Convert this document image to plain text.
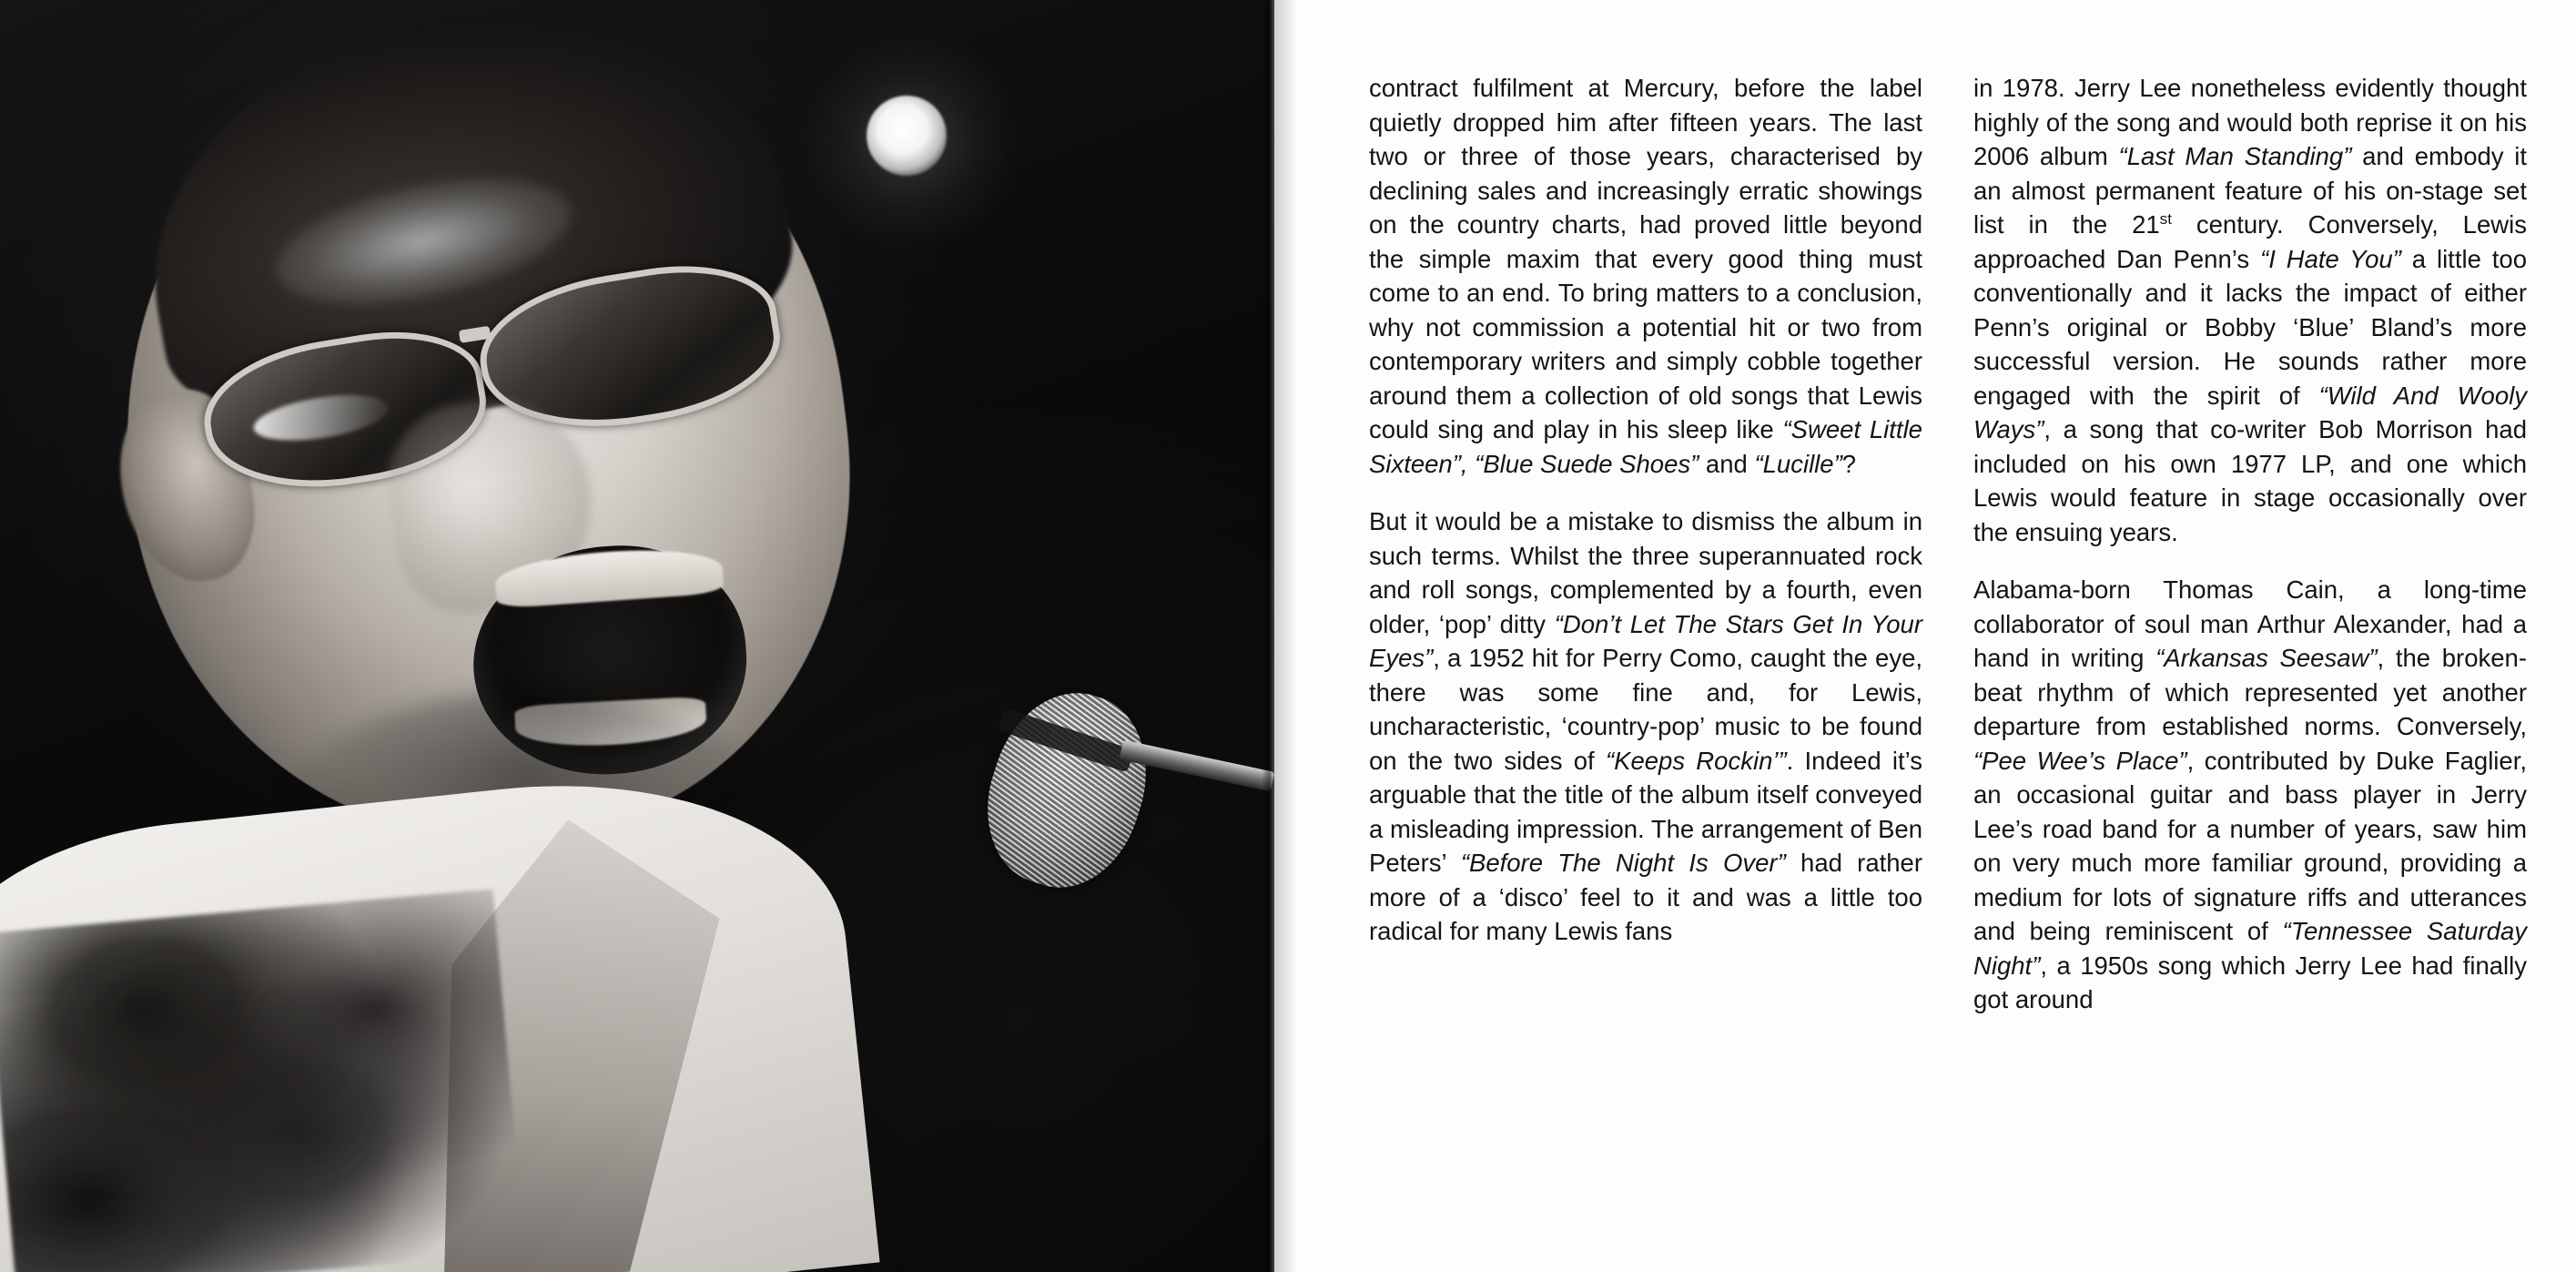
contract fulfilment at Mercury, before the label quietly dropped him after fifteen years. The last two or three of those years, characterised by declining sales and increasingly erratic showings on the country charts, had proved little beyond the simple maxim that every good thing must come to an end. To bring matters to a conclusion, why not commission a potential hit or two from contemporary writers and simply cobble together around them a collection of old songs that Lewis could sing and play in his sleep like “Sweet Little Sixteen”, “Blue Suede Shoes” and “Lucille”?

But it would be a mistake to dismiss the album in such terms. Whilst the three superannuated rock and roll songs, complemented by a fourth, even older, ‘pop’ ditty “Don’t Let The Stars Get In Your Eyes”, a 1952 hit for Perry Como, caught the eye, there was some fine and, for Lewis, uncharacteristic, ‘country-pop’ music to be found on the two sides of “Keeps Rockin’”. Indeed it’s arguable that the title of the album itself conveyed a misleading impression. The arrangement of Ben Peters’ “Before The Night Is Over” had rather more of a ‘disco’ feel to it and was a little too radical for many Lewis fans

in 1978. Jerry Lee nonetheless evidently thought highly of the song and would both reprise it on his 2006 album “Last Man Standing” and embody it an almost permanent feature of his on-stage set list in the 21st century. Conversely, Lewis approached Dan Penn’s “I Hate You” a little too conventionally and it lacks the impact of either Penn’s original or Bobby ‘Blue’ Bland’s more successful version. He sounds rather more engaged with the spirit of “Wild And Wooly Ways”, a song that co-writer Bob Morrison had included on his own 1977 LP, and one which Lewis would feature in stage occasionally over the ensuing years.

Alabama-born Thomas Cain, a long-time collaborator of soul man Arthur Alexander, had a hand in writing “Arkansas Seesaw”, the broken-beat rhythm of which represented yet another departure from established norms. Conversely, “Pee Wee’s Place”, contributed by Duke Faglier, an occasional guitar and bass player in Jerry Lee’s road band for a number of years, saw him on very much more familiar ground, providing a medium for lots of signature riffs and utterances and being reminiscent of “Tennessee Saturday Night”, a 1950s song which Jerry Lee had finally got around
